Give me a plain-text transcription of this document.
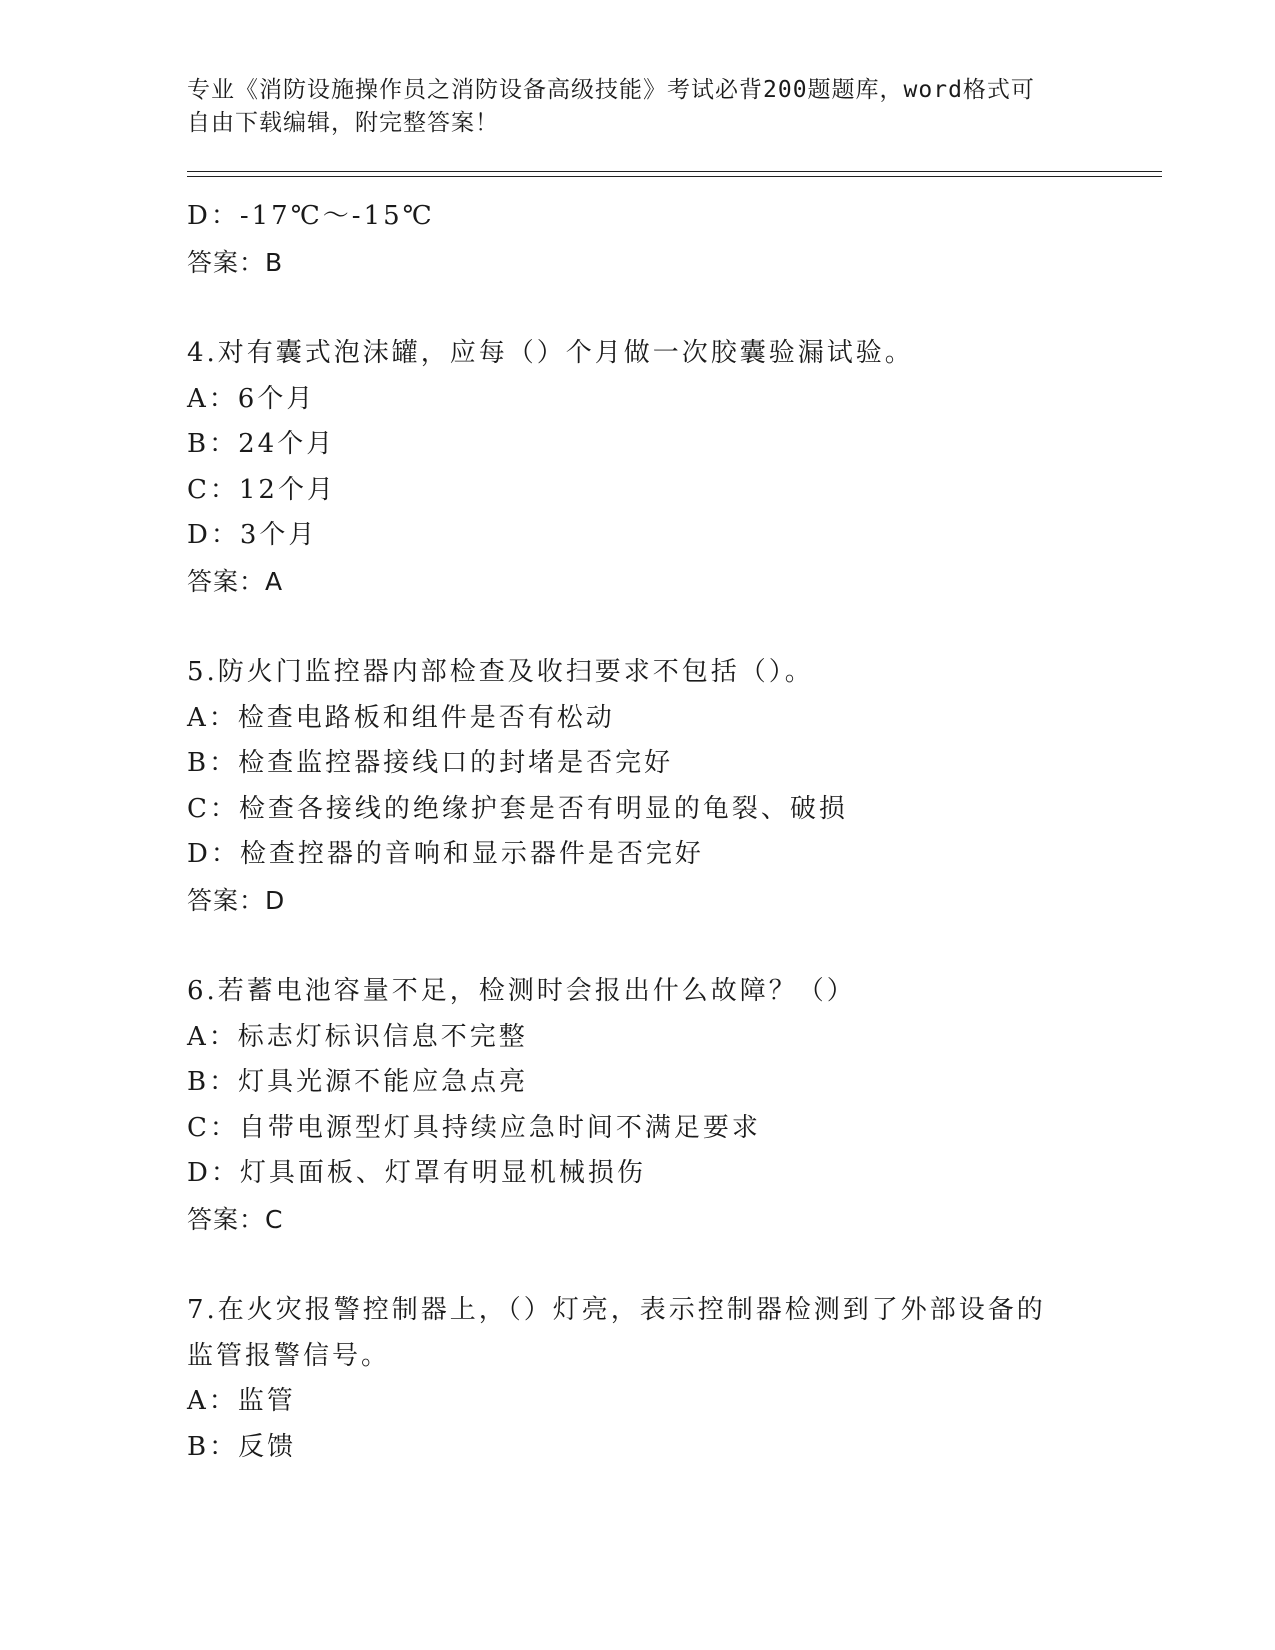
专业《消防设施操作员之消防设备高级技能》考试必背200题题库，word格式可
自由下载编辑，附完整答案！
D：-17℃～-15℃
答案：B
4.对有囊式泡沫罐，应每（）个月做一次胶囊验漏试验。
A：6个月
B：24个月
C：12个月
D：3个月
答案：A
5.防火门监控器内部检查及收扫要求不包括（）。
A：检查电路板和组件是否有松动
B：检查监控器接线口的封堵是否完好
C：检查各接线的绝缘护套是否有明显的龟裂、破损
D：检查控器的音响和显示器件是否完好
答案：D
6.若蓄电池容量不足，检测时会报出什么故障？（）
A：标志灯标识信息不完整
B：灯具光源不能应急点亮
C：自带电源型灯具持续应急时间不满足要求
D：灯具面板、灯罩有明显机械损伤
答案：C
7.在火灾报警控制器上，（）灯亮，表示控制器检测到了外部设备的
监管报警信号。
A：监管
B：反馈
